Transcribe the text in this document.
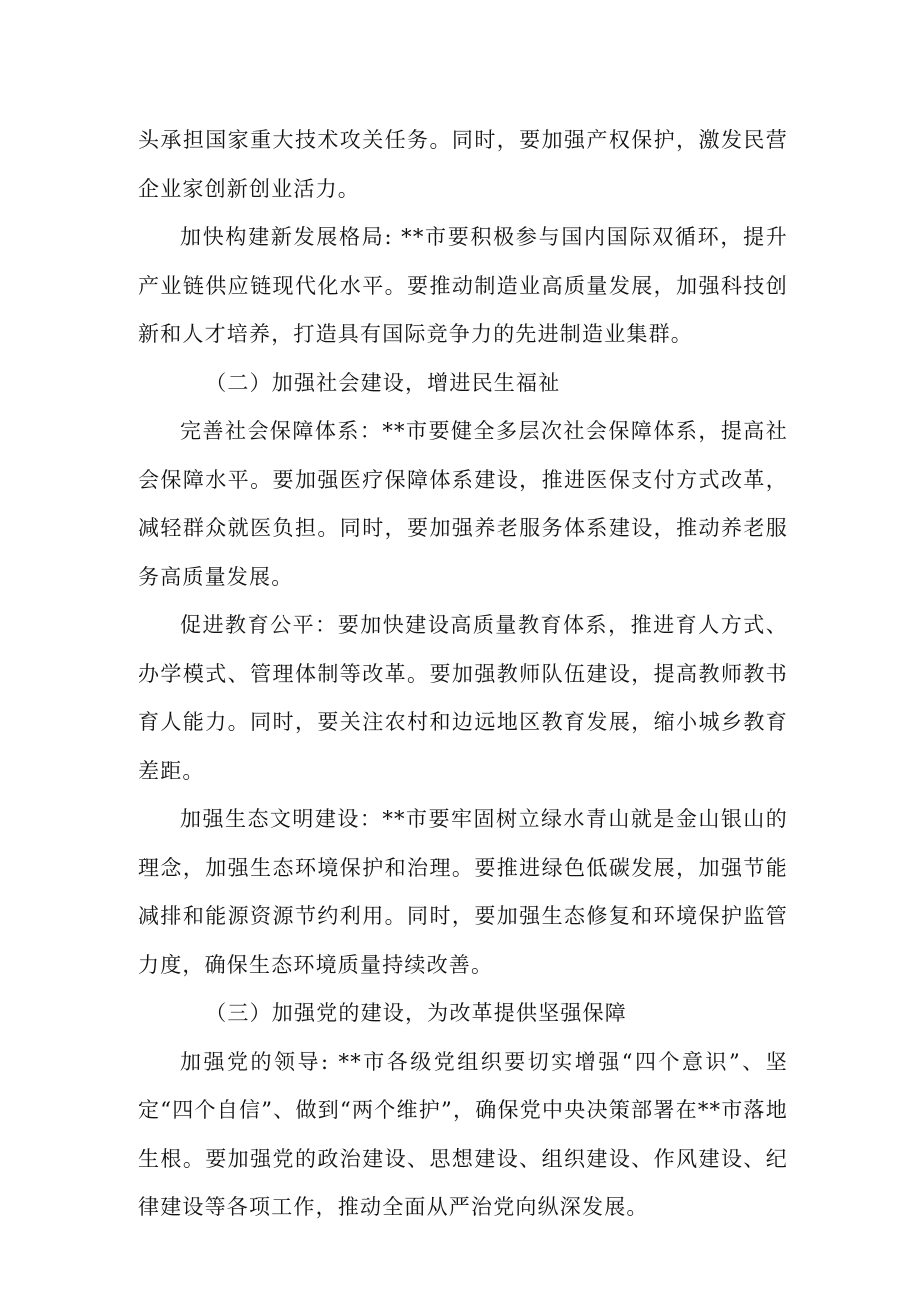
头承担国家重大技术攻关任务。同时，要加强产权保护，激发民营企业家创新创业活力。

加快构建新发展格局: **市要积极参与国内国际双循环，提升产业链供应链现代化水平。要推动制造业高质量发展，加强科技创新和人才培养，打造具有国际竞争力的先进制造业集群。

（二）加强社会建设，增进民生福祉

完善社会保障体系：**市要健全多层次社会保障体系，提高社会保障水平。要加强医疗保障体系建设，推进医保支付方式改革，减轻群众就医负担。同时，要加强养老服务体系建设，推动养老服务高质量发展。

促进教育公平：要加快建设高质量教育体系，推进育人方式、办学模式、管理体制等改革。要加强教师队伍建设，提高教师教书育人能力。同时，要关注农村和边远地区教育发展，缩小城乡教育差距。

加强生态文明建设：**市要牢固树立绿水青山就是金山银山的理念，加强生态环境保护和治理。要推进绿色低碳发展，加强节能减排和能源资源节约利用。同时，要加强生态修复和环境保护监管力度，确保生态环境质量持续改善。

（三）加强党的建设，为改革提供坚强保障

加强党的领导: **市各级党组织要切实增强“四个意识”、坚定“四个自信”、做到“两个维护”，确保党中央决策部署在**市落地生根。要加强党的政治建设、思想建设、组织建设、作风建设、纪律建设等各项工作，推动全面从严治党向纵深发展。
